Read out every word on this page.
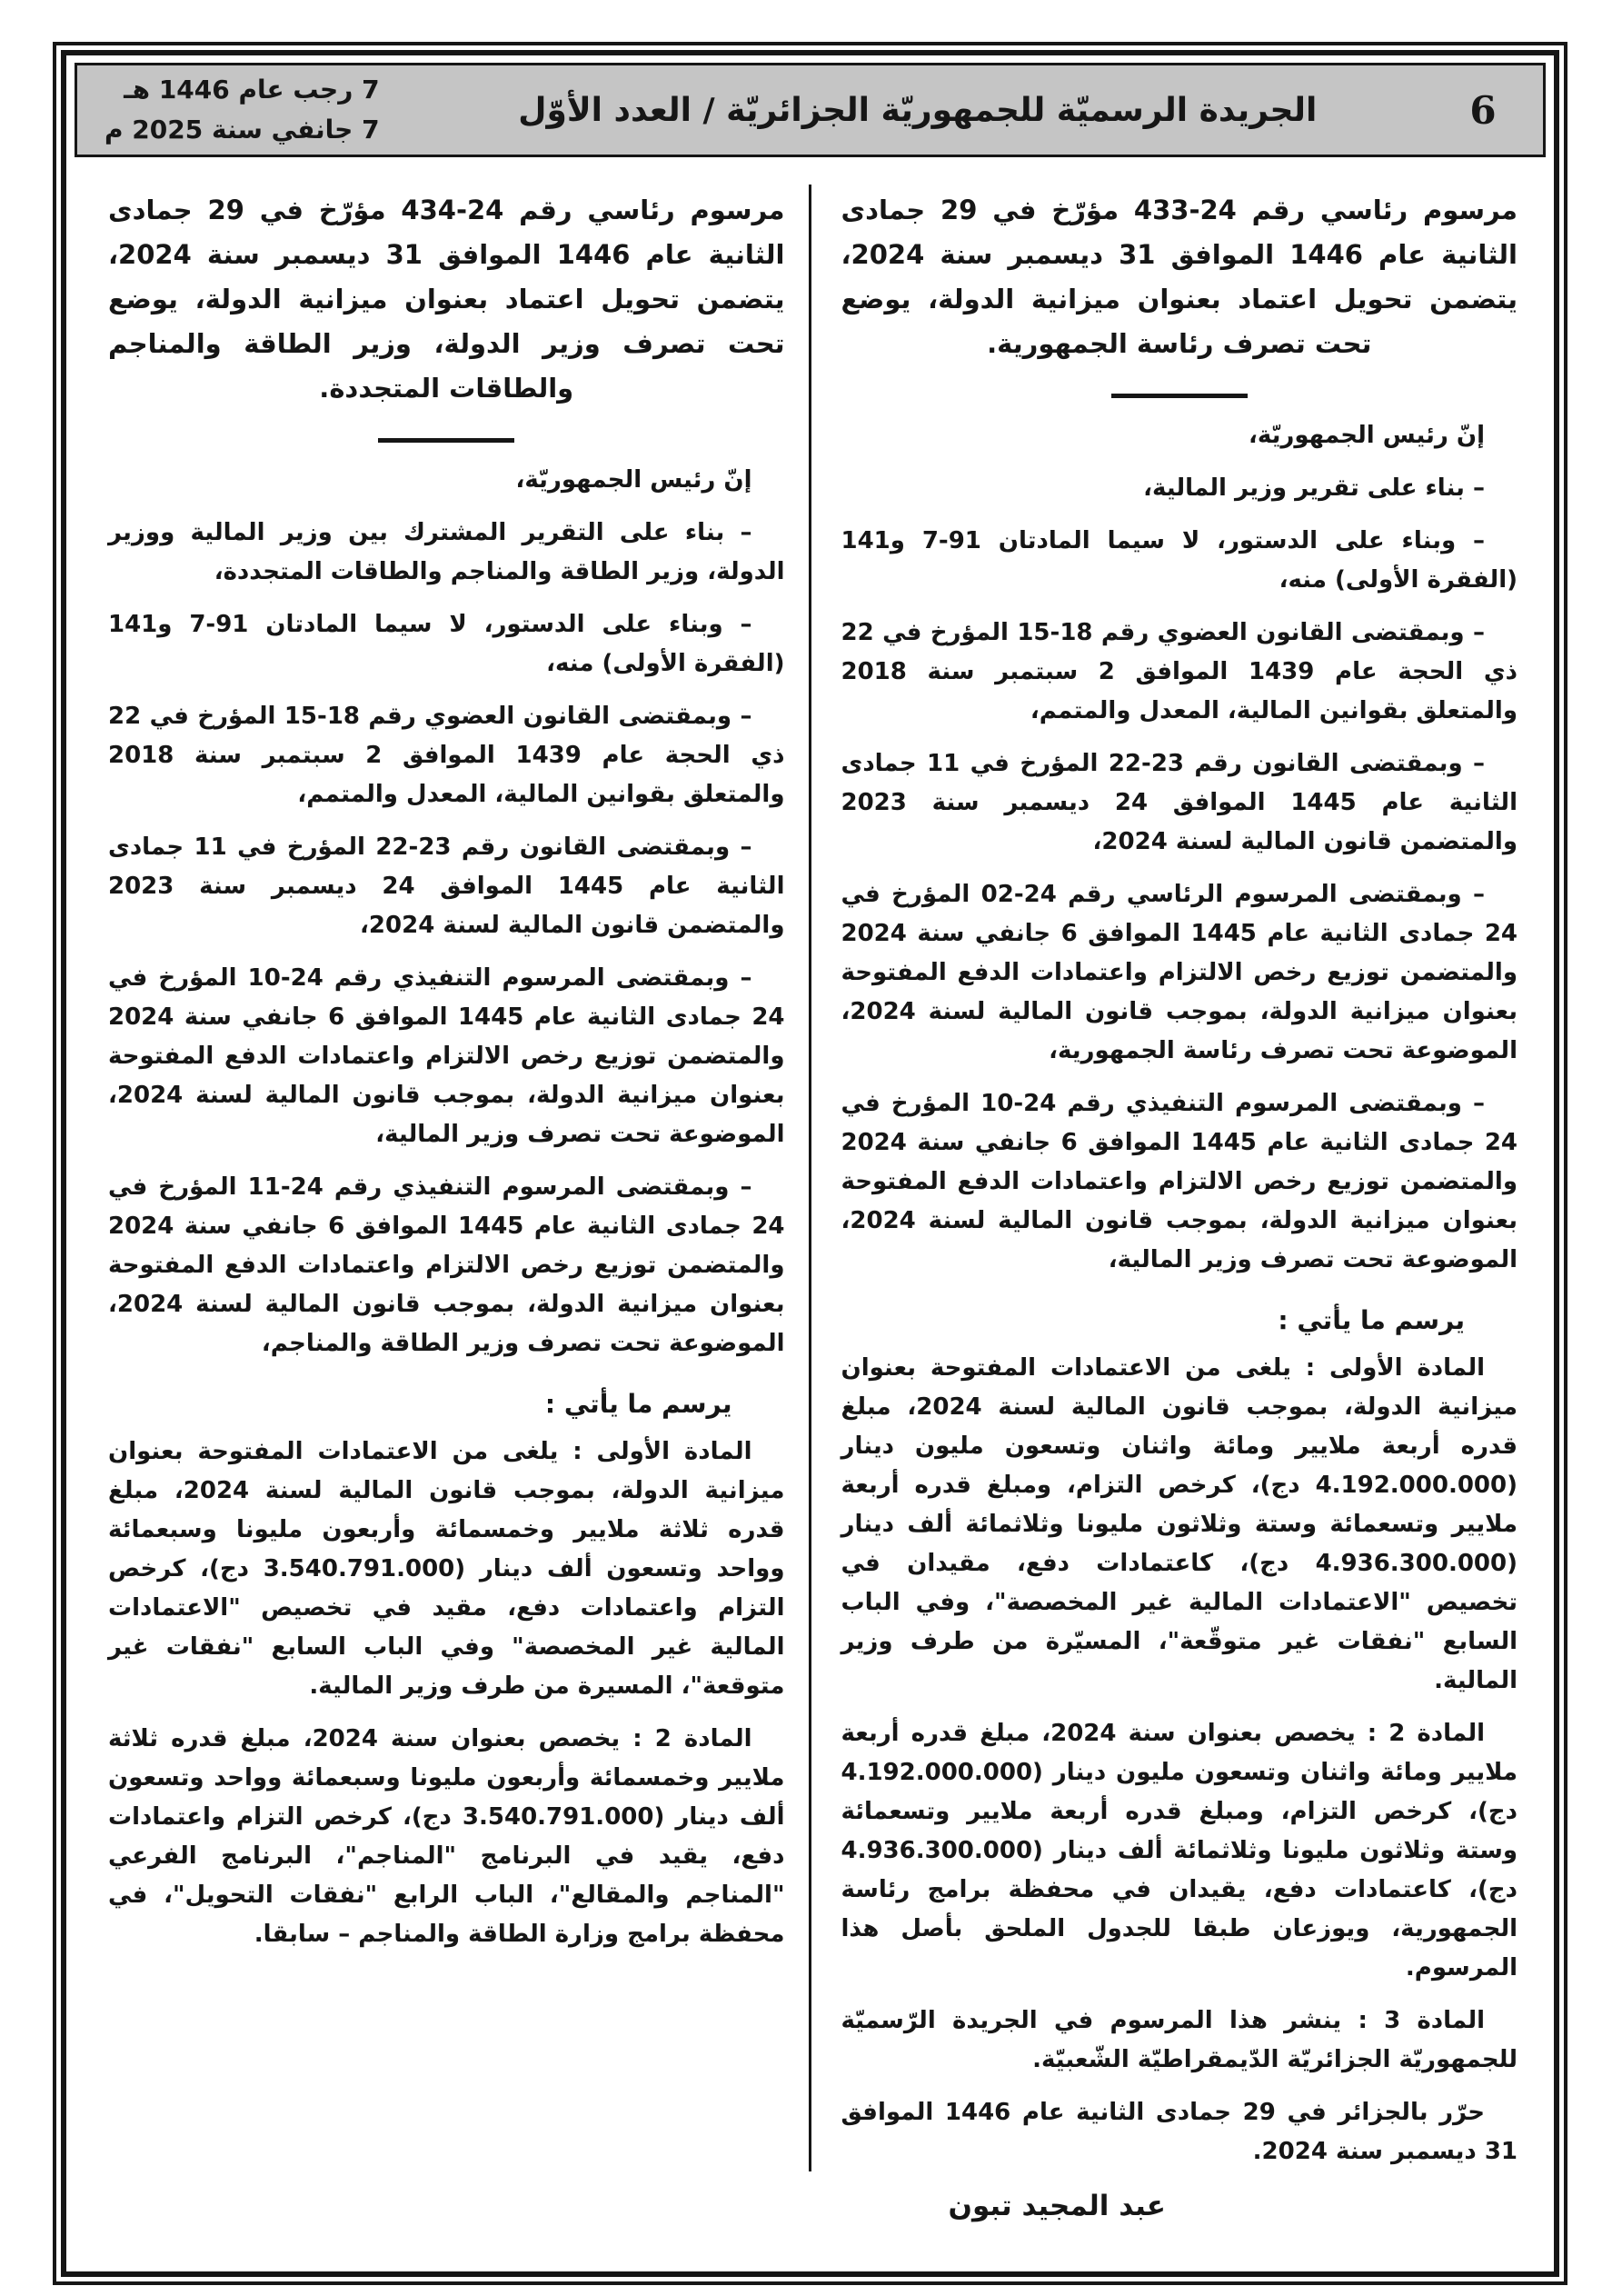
6
الجريدة الرسميّة للجمهوريّة الجزائريّة / العدد الأوّل
7 رجب عام 1446 هـ
7 جانفي سنة 2025 م
مرسوم رئاسي رقم 24-433 مؤرّخ في 29 جمادى الثانية عام 1446 الموافق 31 ديسمبر سنة 2024، يتضمن تحويل اعتماد بعنوان ميزانية الدولة، يوضع تحت تصرف رئاسة الجمهورية.

إنّ رئيس الجمهوريّة،

– بناء على تقرير وزير المالية،

– وبناء على الدستور، لا سيما المادتان 91-7 و141 (الفقرة الأولى) منه،

– وبمقتضى القانون العضوي رقم 18-15 المؤرخ في 22 ذي الحجة عام 1439 الموافق 2 سبتمبر سنة 2018 والمتعلق بقوانين المالية، المعدل والمتمم،

– وبمقتضى القانون رقم 23-22 المؤرخ في 11 جمادى الثانية عام 1445 الموافق 24 ديسمبر سنة 2023 والمتضمن قانون المالية لسنة 2024،

– وبمقتضى المرسوم الرئاسي رقم 24-02 المؤرخ في 24 جمادى الثانية عام 1445 الموافق 6 جانفي سنة 2024 والمتضمن توزيع رخص الالتزام واعتمادات الدفع المفتوحة بعنوان ميزانية الدولة، بموجب قانون المالية لسنة 2024، الموضوعة تحت تصرف رئاسة الجمهورية،

– وبمقتضى المرسوم التنفيذي رقم 24-10 المؤرخ في 24 جمادى الثانية عام 1445 الموافق 6 جانفي سنة 2024 والمتضمن توزيع رخص الالتزام واعتمادات الدفع المفتوحة بعنوان ميزانية الدولة، بموجب قانون المالية لسنة 2024، الموضوعة تحت تصرف وزير المالية،

يرسم ما يأتي :

المادة الأولى : يلغى من الاعتمادات المفتوحة بعنوان ميزانية الدولة، بموجب قانون المالية لسنة 2024، مبلغ قدره أربعة ملايير ومائة واثنان وتسعون مليون دينار (4.192.000.000 دج)، كرخص التزام، ومبلغ قدره أربعة ملايير وتسعمائة وستة وثلاثون مليونا وثلاثمائة ألف دينار (4.936.300.000 دج)، كاعتمادات دفع، مقيدان في تخصيص "الاعتمادات المالية غير المخصصة"، وفي الباب السابع "نفقات غير متوقّعة"، المسيّرة من طرف وزير المالية.

المادة 2 : يخصص بعنوان سنة 2024، مبلغ قدره أربعة ملايير ومائة واثنان وتسعون مليون دينار (4.192.000.000 دج)، كرخص التزام، ومبلغ قدره أربعة ملايير وتسعمائة وستة وثلاثون مليونا وثلاثمائة ألف دينار (4.936.300.000 دج)، كاعتمادات دفع، يقيدان في محفظة برامج رئاسة الجمهورية، ويوزعان طبقا للجدول الملحق بأصل هذا المرسوم.

المادة 3 : ينشر هذا المرسوم في الجريدة الرّسميّة للجمهوريّة الجزائريّة الدّيمقراطيّة الشّعبيّة.

حرّر بالجزائر في 29 جمادى الثانية عام 1446 الموافق 31 ديسمبر سنة 2024.

عبد المجيد تبون

مرسوم رئاسي رقم 24-434 مؤرّخ في 29 جمادى الثانية عام 1446 الموافق 31 ديسمبر سنة 2024، يتضمن تحويل اعتماد بعنوان ميزانية الدولة، يوضع تحت تصرف وزير الدولة، وزير الطاقة والمناجم والطاقات المتجددة.

إنّ رئيس الجمهوريّة،

– بناء على التقرير المشترك بين وزير المالية ووزير الدولة، وزير الطاقة والمناجم والطاقات المتجددة،

– وبناء على الدستور، لا سيما المادتان 91-7 و141 (الفقرة الأولى) منه،

– وبمقتضى القانون العضوي رقم 18-15 المؤرخ في 22 ذي الحجة عام 1439 الموافق 2 سبتمبر سنة 2018 والمتعلق بقوانين المالية، المعدل والمتمم،

– وبمقتضى القانون رقم 23-22 المؤرخ في 11 جمادى الثانية عام 1445 الموافق 24 ديسمبر سنة 2023 والمتضمن قانون المالية لسنة 2024،

– وبمقتضى المرسوم التنفيذي رقم 24-10 المؤرخ في 24 جمادى الثانية عام 1445 الموافق 6 جانفي سنة 2024 والمتضمن توزيع رخص الالتزام واعتمادات الدفع المفتوحة بعنوان ميزانية الدولة، بموجب قانون المالية لسنة 2024، الموضوعة تحت تصرف وزير المالية،

– وبمقتضى المرسوم التنفيذي رقم 24-11 المؤرخ في 24 جمادى الثانية عام 1445 الموافق 6 جانفي سنة 2024 والمتضمن توزيع رخص الالتزام واعتمادات الدفع المفتوحة بعنوان ميزانية الدولة، بموجب قانون المالية لسنة 2024، الموضوعة تحت تصرف وزير الطاقة والمناجم،

يرسم ما يأتي :

المادة الأولى : يلغى من الاعتمادات المفتوحة بعنوان ميزانية الدولة، بموجب قانون المالية لسنة 2024، مبلغ قدره ثلاثة ملايير وخمسمائة وأربعون مليونا وسبعمائة وواحد وتسعون ألف دينار (3.540.791.000 دج)، كرخص التزام واعتمادات دفع، مقيد في تخصيص "الاعتمادات المالية غير المخصصة" وفي الباب السابع "نفقات غير متوقعة"، المسيرة من طرف وزير المالية.

المادة 2 : يخصص بعنوان سنة 2024، مبلغ قدره ثلاثة ملايير وخمسمائة وأربعون مليونا وسبعمائة وواحد وتسعون ألف دينار (3.540.791.000 دج)، كرخص التزام واعتمادات دفع، يقيد في البرنامج "المناجم"، البرنامج الفرعي "المناجم والمقالع"، الباب الرابع "نفقات التحويل"، في محفظة برامج وزارة الطاقة والمناجم – سابقا.
